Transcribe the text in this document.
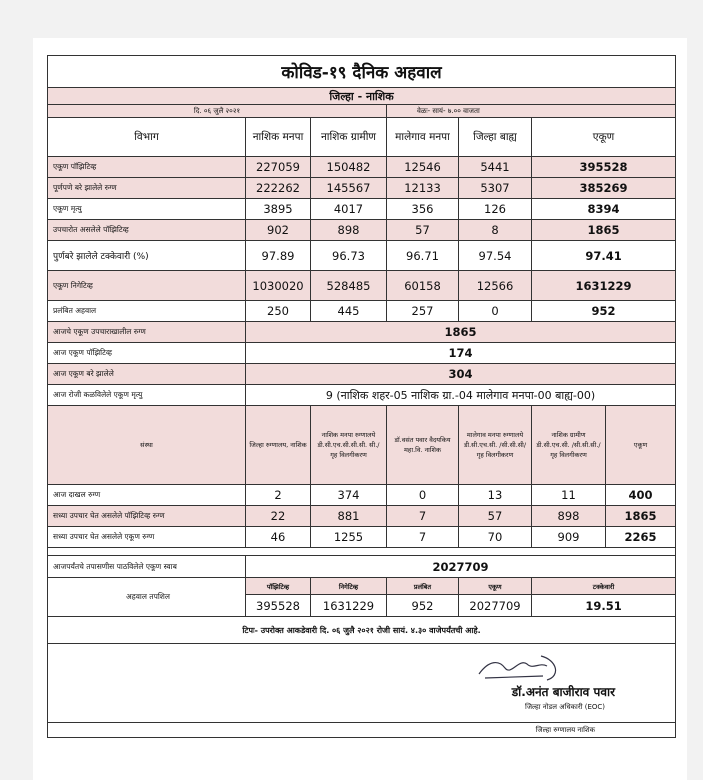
कोविड-१९ दैनिक अहवाल						
जिल्हा - नाशिक						
दि. ०६ जुलै २०२१			वेळः- सायं- ७.०० वाजता			
विभाग	नाशिक मनपा	नाशिक ग्रामीण	मालेगाव मनपा	जिल्हा बाह्य	एकूण	
एकूण पॉझिटिव्ह	227059	150482	12546	5441	395528	
पूर्णपणे बरे झालेले रुग्ण	222262	145567	12133	5307	385269	
एकूण मृत्यु	3895	4017	356	126	8394	
उपचारोत असलेले पॉझिटिव्ह	902	898	57	8	1865	
पुर्णबरे झालेले टक्केवारी (%)	97.89	96.73	96.71	97.54	97.41	
एकूण निगेटिव्ह	1030020	528485	60158	12566	1631229	
प्रलंबित अहवाल	250	445	257	0	952	
आजचे एकूण उपचाराखालील रुग्ण	1865					
आज एकूण पॉझिटिव्ह	174					
आज एकूण बरे झालेले	304					
आज रोजी कळविलेले एकूण मृत्यु	9 (नाशिक शहर-05 नाशिक ग्रा.-04 मालेगाव मनपा-00 बाह्य-00)					
संस्था	जिल्हा रुग्णालय, नाशिक	नाशिक मनपा रुग्णालये डी.सी.एच.सी.सी.सी. सी./ गृह विलगीकरण	डॉ.वसंत पवार वैदयकिय महा.वि. नाशिक	मालेगाव मनपा रुग्णालये डी.सी.एच.सी. /सी.सी.सी/ गृह विलगीकरण	नाशिक ग्रामीण डी.सी.एच.सी. /सी.सी.सी./ गृह विलगीकरण	एकूण
आज दाखल रुग्ण	2	374	0	13	11	400
सध्या उपचार घेत असलेले पॉझिटिव्ह रुग्ण	22	881	7	57	898	1865
सध्या उपचार घेत असलेले एकूण रुग्ण	46	1255	7	70	909	2265

आजपर्यंतचे तपासणीस पाठविलेले एकूण स्वाब	2027709					
अहवाल तपशिल	पॉझिटिव्ह	निगेटिव्ह	प्रलंबित	एकूण	टक्केवारी	
	395528	1631229	952	2027709	19.51	
टिपः- उपरोक्त आकडेवारी दि. ०६ जुलै २०२१ रोजी सायं. ४.३० वाजेपर्यंतची आहे.						

डॉ.अनंत बाजीराव पवार
जिल्हा नोडल अधिकारी (EOC)						

जिल्हा रुग्णालय नाशिक						
